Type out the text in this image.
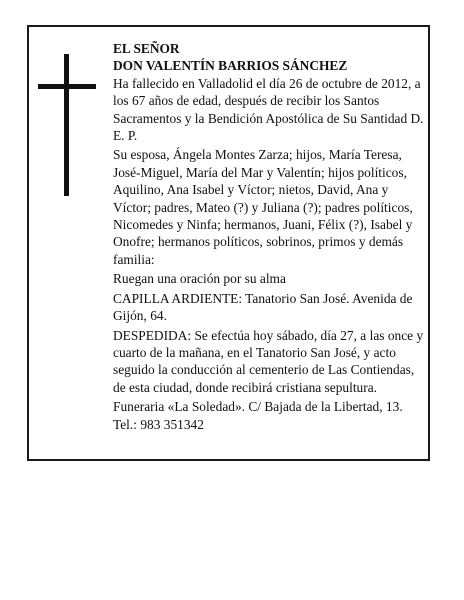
EL SEÑOR

DON VALENTÍN BARRIOS SÁNCHEZ

Ha fallecido en Valladolid el día 26 de octubre de 2012, a los 67 años de edad, después de recibir los Santos Sacramentos y la Bendición Apostólica de Su Santidad D. E. P.

Su esposa, Ángela Montes Zarza; hijos, María Teresa, José-Miguel, María del Mar y Valentín; hijos políticos, Aquilino, Ana Isabel y Víctor; nietos, David, Ana y Víctor; padres, Mateo (?) y Juliana (?); padres políticos, Nicomedes y Ninfa; hermanos, Juani, Félix (?), Isabel y Onofre; hermanos políticos, sobrinos, primos y demás familia:

Ruegan una oración por su alma

CAPILLA ARDIENTE: Tanatorio San José. Avenida de Gijón, 64.

DESPEDIDA: Se efectúa hoy sábado, día 27, a las once y cuarto de la mañana, en el Tanatorio San José, y acto seguido la conducción al cementerio de Las Contiendas, de esta ciudad, donde recibirá cristiana sepultura.

Funeraria «La Soledad». C/ Bajada de la Libertad, 13. Tel.: 983 351342
